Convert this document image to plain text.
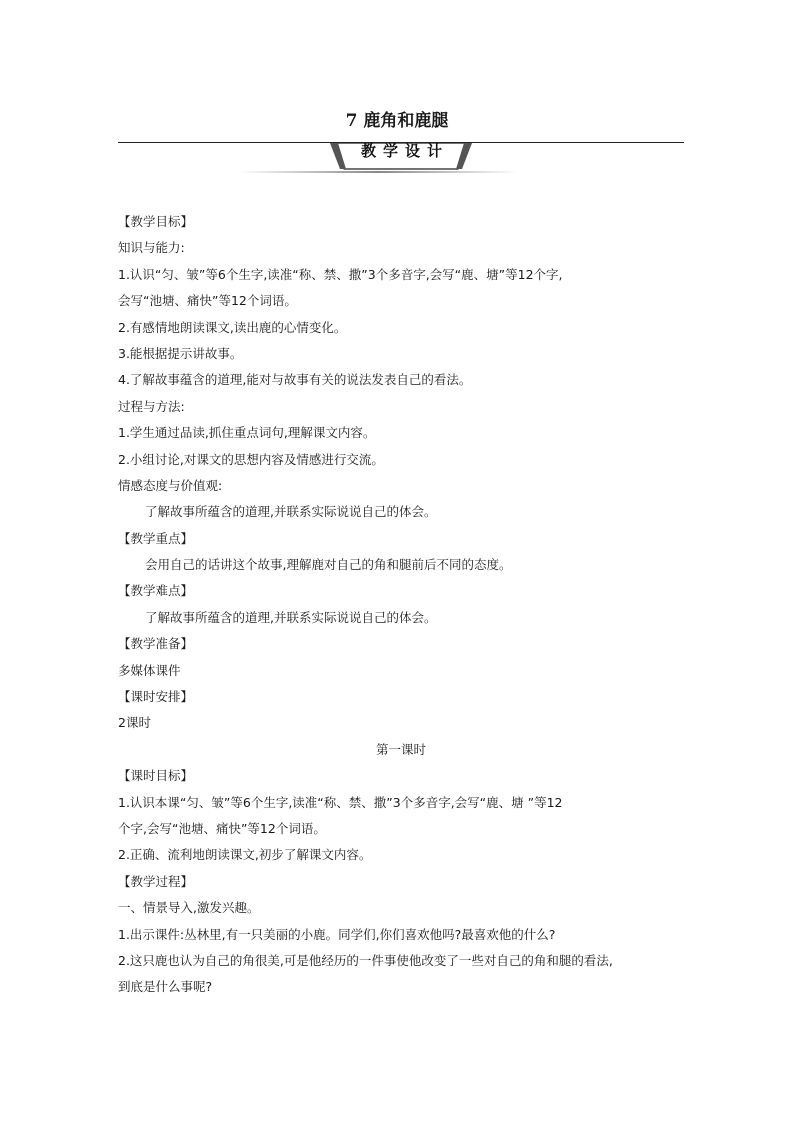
7 鹿角和鹿腿
教学设计
【教学目标】
知识与能力:
1.认识“匀、皱”等6个生字,读准“称、禁、撒”3个多音字,会写“鹿、塘”等12个字,
会写“池塘、痛快”等12个词语。
2.有感情地朗读课文,读出鹿的心情变化。
3.能根据提示讲故事。
4.了解故事蕴含的道理,能对与故事有关的说法发表自己的看法。
过程与方法:
1.学生通过品读,抓住重点词句,理解课文内容。
2.小组讨论,对课文的思想内容及情感进行交流。
情感态度与价值观:
了解故事所蕴含的道理,并联系实际说说自己的体会。
【教学重点】
会用自己的话讲这个故事,理解鹿对自己的角和腿前后不同的态度。
【教学难点】
了解故事所蕴含的道理,并联系实际说说自己的体会。
【教学准备】
多媒体课件
【课时安排】
2课时
第一课时
【课时目标】
1.认识本课“匀、皱”等6个生字,读准“称、禁、撒”3个多音字,会写“鹿、塘 ”等12
个字,会写“池塘、痛快”等12个词语。
2.正确、流利地朗读课文,初步了解课文内容。
【教学过程】
一、情景导入,激发兴趣。
1.出示课件:丛林里,有一只美丽的小鹿。同学们,你们喜欢他吗?最喜欢他的什么?
2.这只鹿也认为自己的角很美,可是他经历的一件事使他改变了一些对自己的角和腿的看法,
到底是什么事呢?
